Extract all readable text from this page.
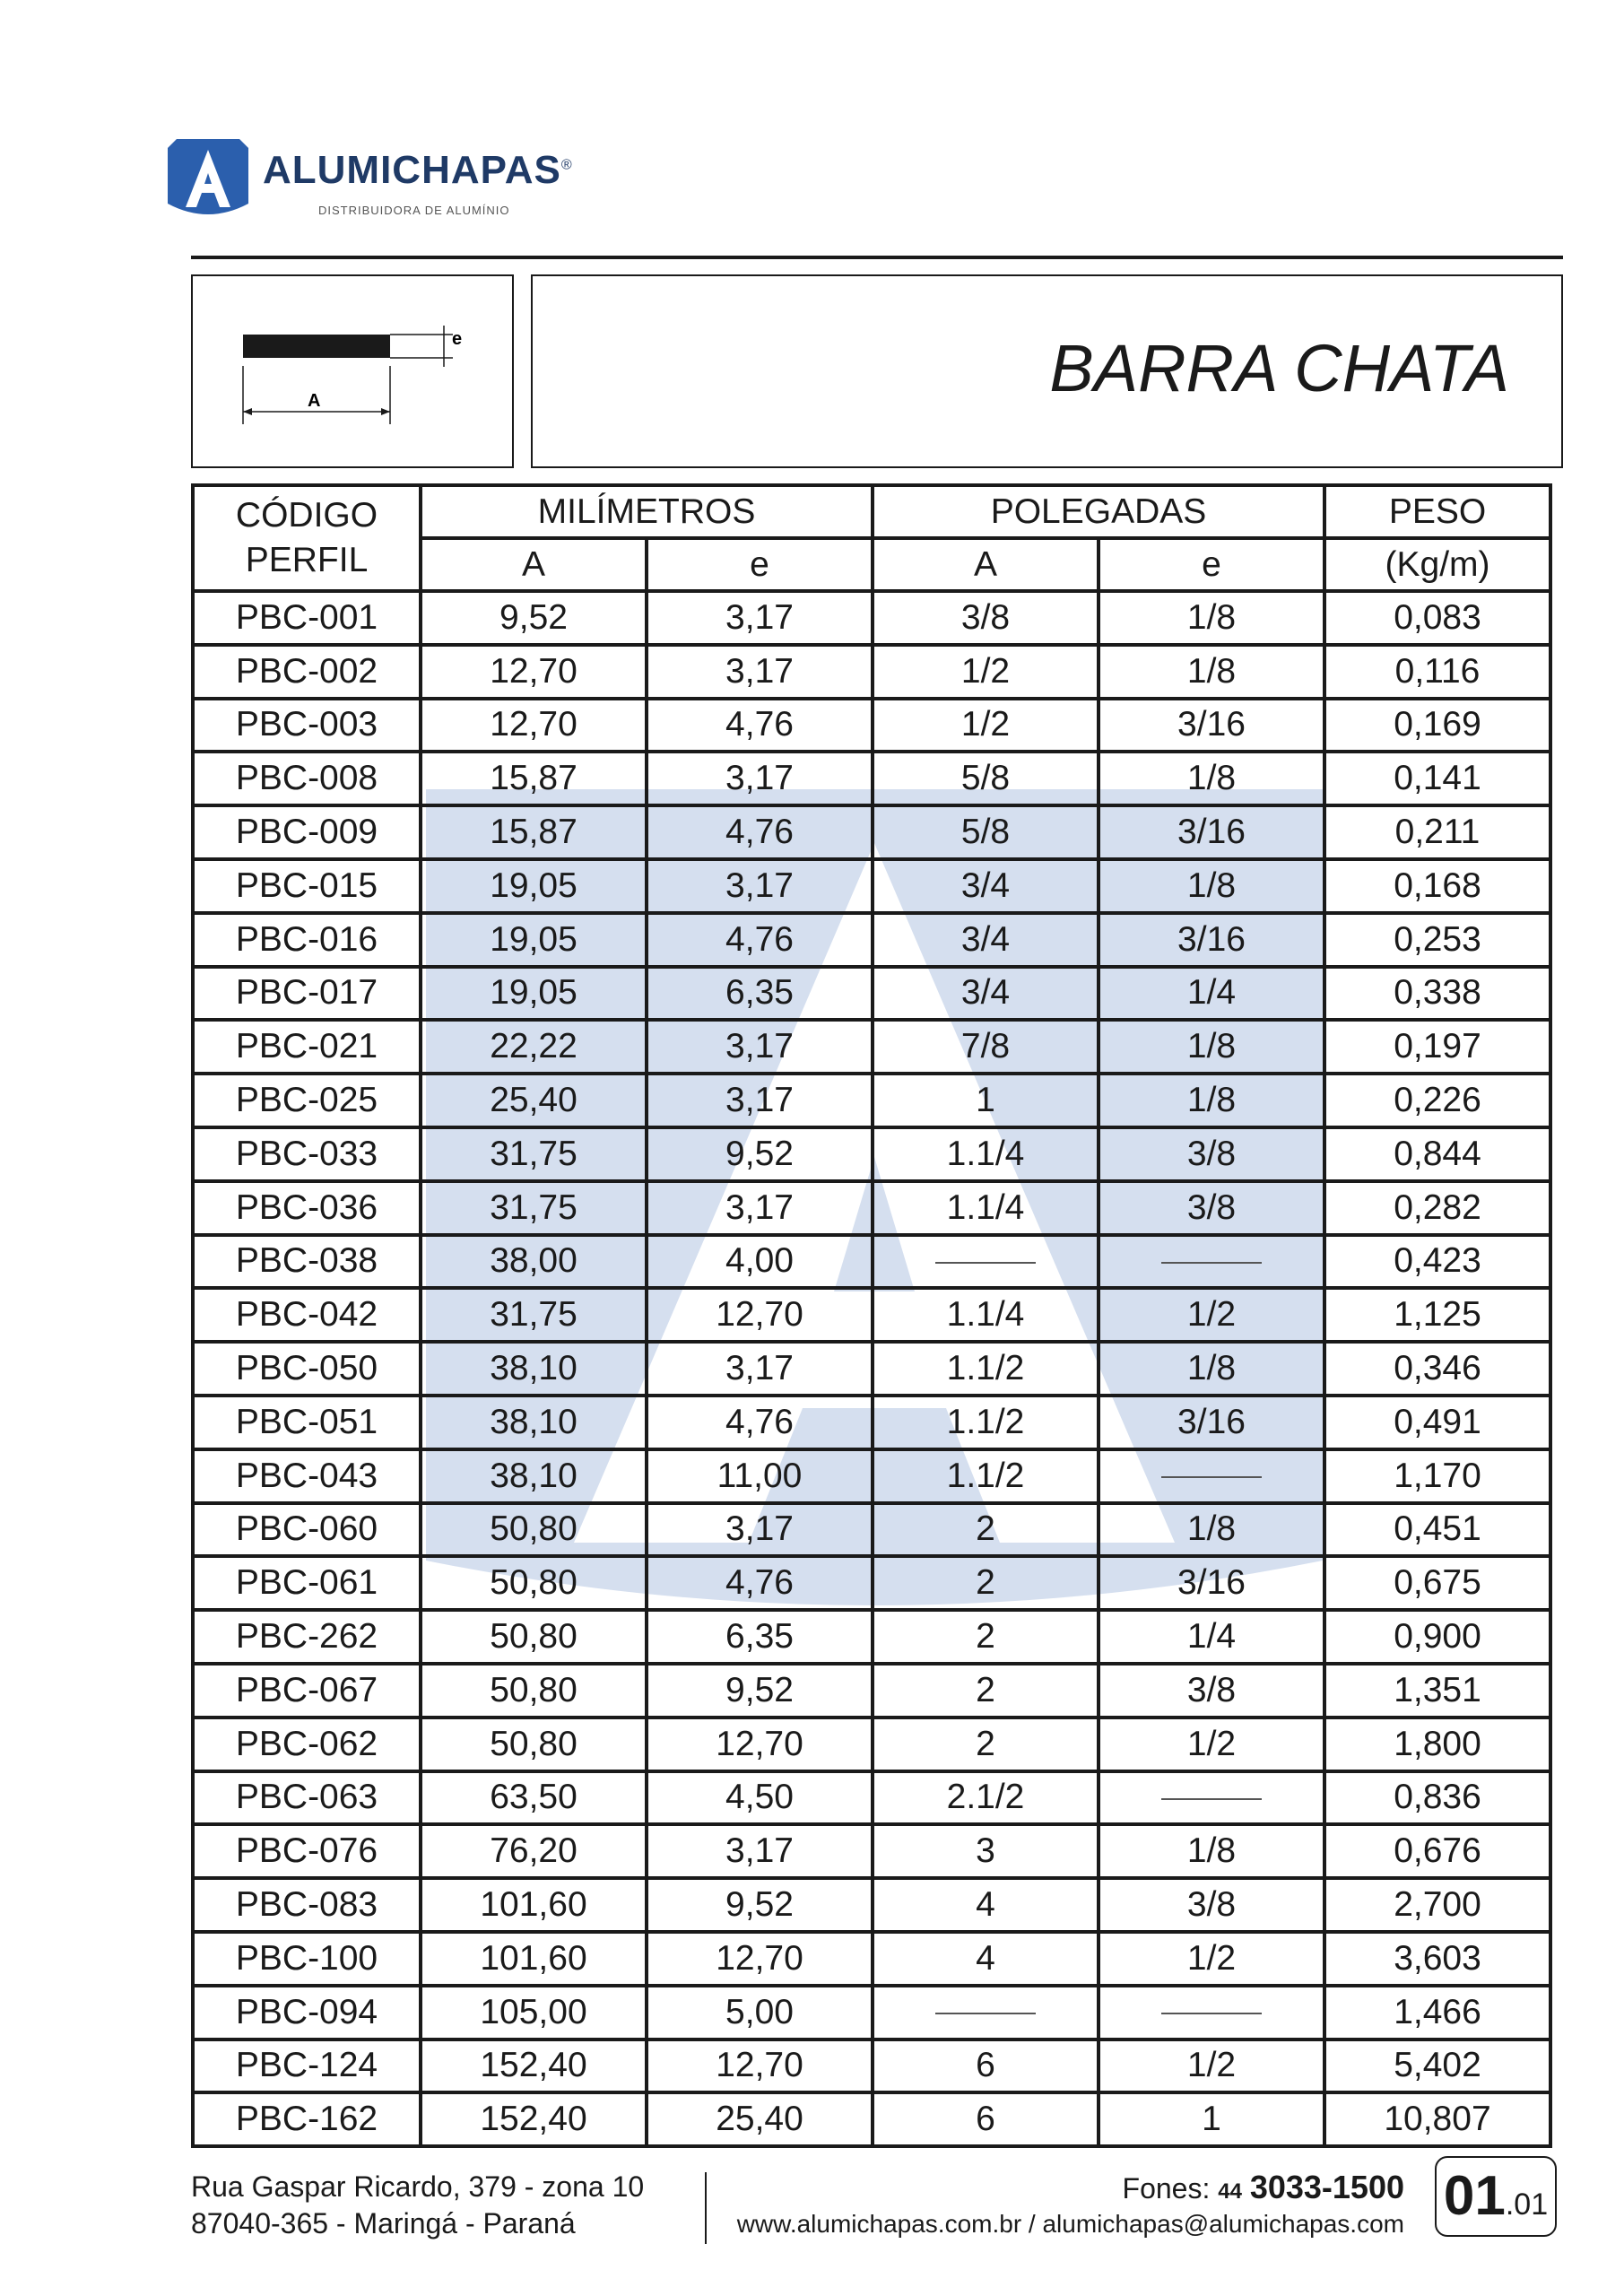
ALUMICHAPAS®
DISTRIBUIDORA DE ALUMÍNIO
e
A	BARRA CHATA
CÓDIGO
PERFIL	MILÍMETROS		POLEGADAS		PESO
	A	e	A	e	(Kg/m)
PBC-001	9,52	3,17	3/8	1/8	0,083
PBC-002	12,70	3,17	1/2	1/8	0,116
PBC-003	12,70	4,76	1/2	3/16	0,169
PBC-008	15,87	3,17	5/8	1/8	0,141
PBC-009	15,87	4,76	5/8	3/16	0,211
PBC-015	19,05	3,17	3/4	1/8	0,168
PBC-016	19,05	4,76	3/4	3/16	0,253
PBC-017	19,05	6,35	3/4	1/4	0,338
PBC-021	22,22	3,17	7/8	1/8	0,197
PBC-025	25,40	3,17	1	1/8	0,226
PBC-033	31,75	9,52	1.1/4	3/8	0,844
PBC-036	31,75	3,17	1.1/4	3/8	0,282
PBC-038	38,00	4,00			0,423
PBC-042	31,75	12,70	1.1/4	1/2	1,125
PBC-050	38,10	3,17	1.1/2	1/8	0,346
PBC-051	38,10	4,76	1.1/2	3/16	0,491
PBC-043	38,10	11,00	1.1/2		1,170
PBC-060	50,80	3,17	2	1/8	0,451
PBC-061	50,80	4,76	2	3/16	0,675
PBC-262	50,80	6,35	2	1/4	0,900
PBC-067	50,80	9,52	2	3/8	1,351
PBC-062	50,80	12,70	2	1/2	1,800
PBC-063	63,50	4,50	2.1/2		0,836
PBC-076	76,20	3,17	3	1/8	0,676
PBC-083	101,60	9,52	4	3/8	2,700
PBC-100	101,60	12,70	4	1/2	3,603
PBC-094	105,00	5,00			1,466
PBC-124	152,40	12,70	6	1/2	5,402
PBC-162	152,40	25,40	6	1	10,807
Rua Gaspar Ricardo, 379 - zona 10
87040-365 - Maringá - Paraná
Fones: 44 3033-1500
www.alumichapas.com.br / alumichapas@alumichapas.com 01.01
